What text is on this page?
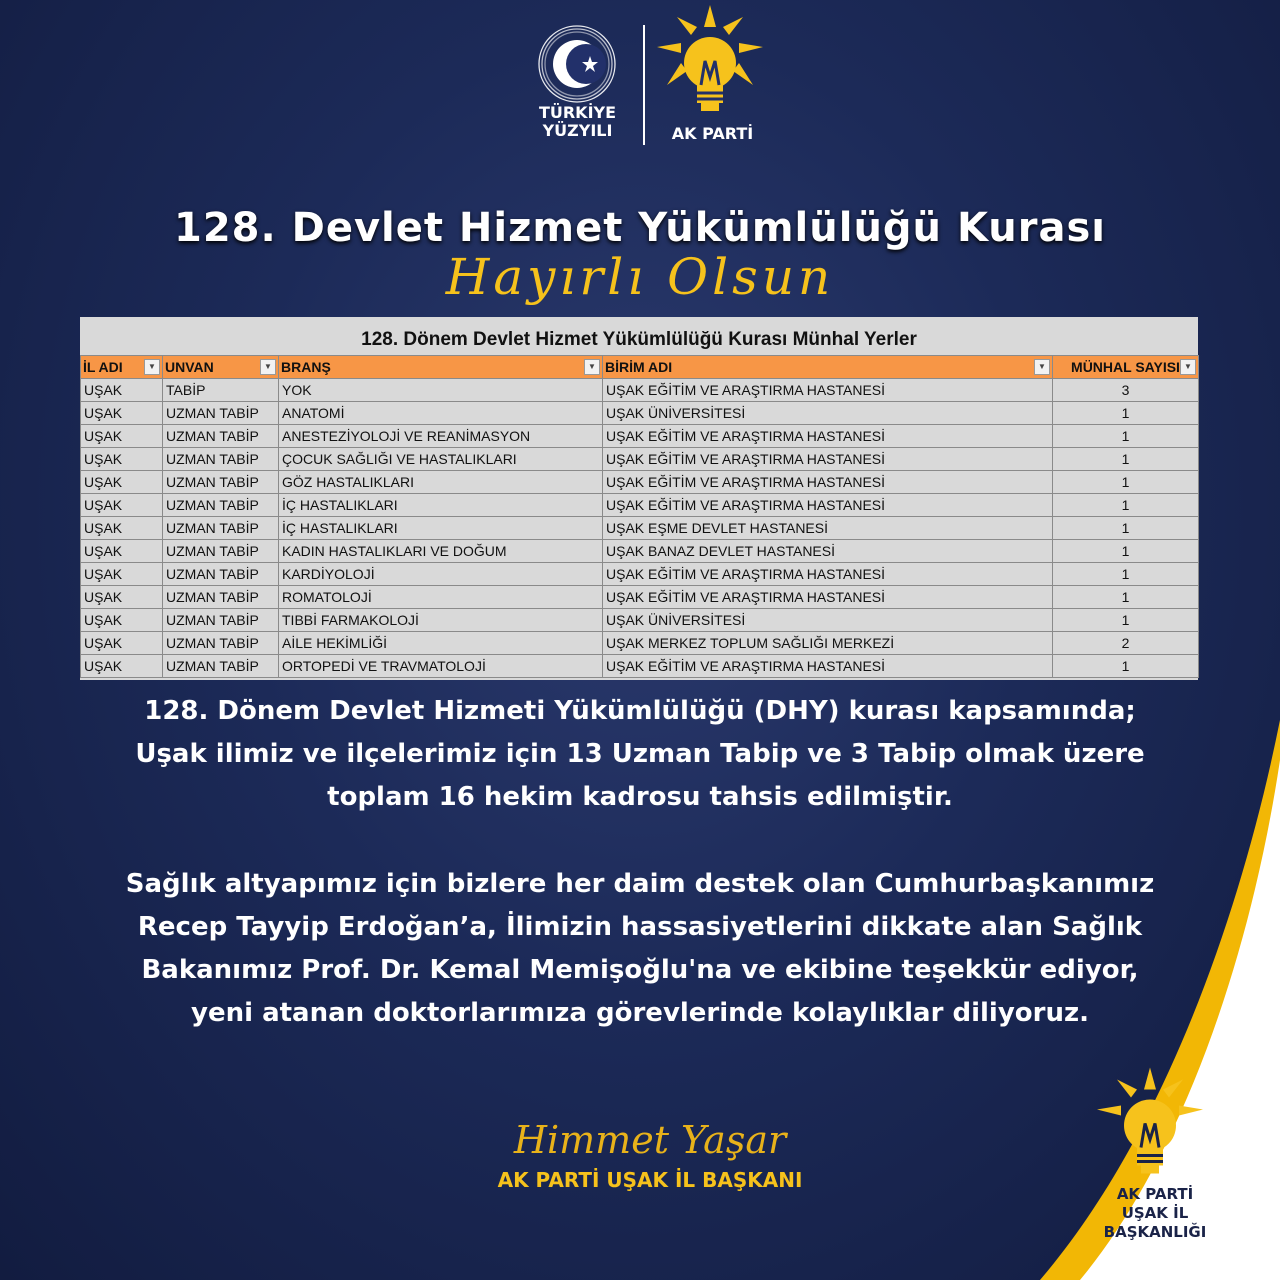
TÜRKİYE
YÜZYILI	AK PARTİ
128. Devlet Hizmet Yükümlülüğü Kurası
Hayırlı Olsun
128. Dönem Devlet Hizmet Yükümlülüğü Kurası Münhal Yerler
İL ADI ▼	UNVAN ▼	BRANŞ ▼	BİRİM ADI ▼	MÜNHAL SAYISI ▼

UŞAK	TABİP	YOK	UŞAK EĞİTİM VE ARAŞTIRMA HASTANESİ	3
UŞAK	UZMAN TABİP	ANATOMİ	UŞAK ÜNİVERSİTESİ	1
UŞAK	UZMAN TABİP	ANESTEZİYOLOJİ VE REANİMASYON	UŞAK EĞİTİM VE ARAŞTIRMA HASTANESİ	1
UŞAK	UZMAN TABİP	ÇOCUK SAĞLIĞI VE HASTALIKLARI	UŞAK EĞİTİM VE ARAŞTIRMA HASTANESİ	1
UŞAK	UZMAN TABİP	GÖZ HASTALIKLARI	UŞAK EĞİTİM VE ARAŞTIRMA HASTANESİ	1
UŞAK	UZMAN TABİP	İÇ HASTALIKLARI	UŞAK EĞİTİM VE ARAŞTIRMA HASTANESİ	1
UŞAK	UZMAN TABİP	İÇ HASTALIKLARI	UŞAK EŞME DEVLET HASTANESİ	1
UŞAK	UZMAN TABİP	KADIN HASTALIKLARI VE DOĞUM	UŞAK BANAZ DEVLET HASTANESİ	1
UŞAK	UZMAN TABİP	KARDİYOLOJİ	UŞAK EĞİTİM VE ARAŞTIRMA HASTANESİ	1
UŞAK	UZMAN TABİP	ROMATOLOJİ	UŞAK EĞİTİM VE ARAŞTIRMA HASTANESİ	1
UŞAK	UZMAN TABİP	TIBBİ FARMAKOLOJİ	UŞAK ÜNİVERSİTESİ	1
UŞAK	UZMAN TABİP	AİLE HEKİMLİĞİ	UŞAK MERKEZ TOPLUM SAĞLIĞI MERKEZİ	2
UŞAK	UZMAN TABİP	ORTOPEDİ VE TRAVMATOLOJİ	UŞAK EĞİTİM VE ARAŞTIRMA HASTANESİ	1
128. Dönem Devlet Hizmeti Yükümlülüğü (DHY) kurası kapsamında; Uşak ilimiz ve ilçelerimiz için 13 Uzman Tabip ve 3 Tabip olmak üzere toplam 16 hekim kadrosu tahsis edilmiştir.
Sağlık altyapımız için bizlere her daim destek olan Cumhurbaşkanımız Recep Tayyip Erdoğan’a, İlimizin hassasiyetlerini dikkate alan Sağlık Bakanımız Prof. Dr. Kemal Memişoğlu'na ve ekibine teşekkür ediyor, yeni atanan doktorlarımıza görevlerinde kolaylıklar diliyoruz.
Himmet Yaşar
AK PARTİ UŞAK İL BAŞKANI
AK PARTİ
UŞAK İL
BAŞKANLIĞI
